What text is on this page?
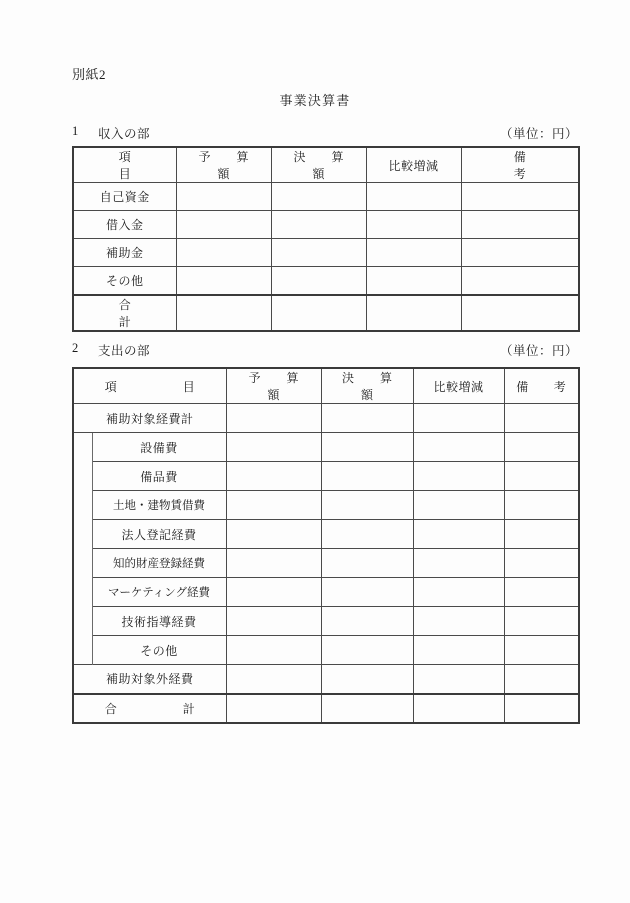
別紙2
事業決算書
1 収入の部	（単位：円）
項　　目	予　算　額	決　算　額	比較増減	備　　考
自己資金				
借入金				
補助金				
その他				
合　　計				
2 支出の部	（単位：円）
項　　目		予　算　額	決　算　額	比較増減	備　　考
補助対象経費計					
	設備費				
	備品費				
	土地・建物賃借費				
	法人登記経費				
	知的財産登録経費				
	マーケティング経費				
	技術指導経費				
	その他				
補助対象外経費					
合　　計					
